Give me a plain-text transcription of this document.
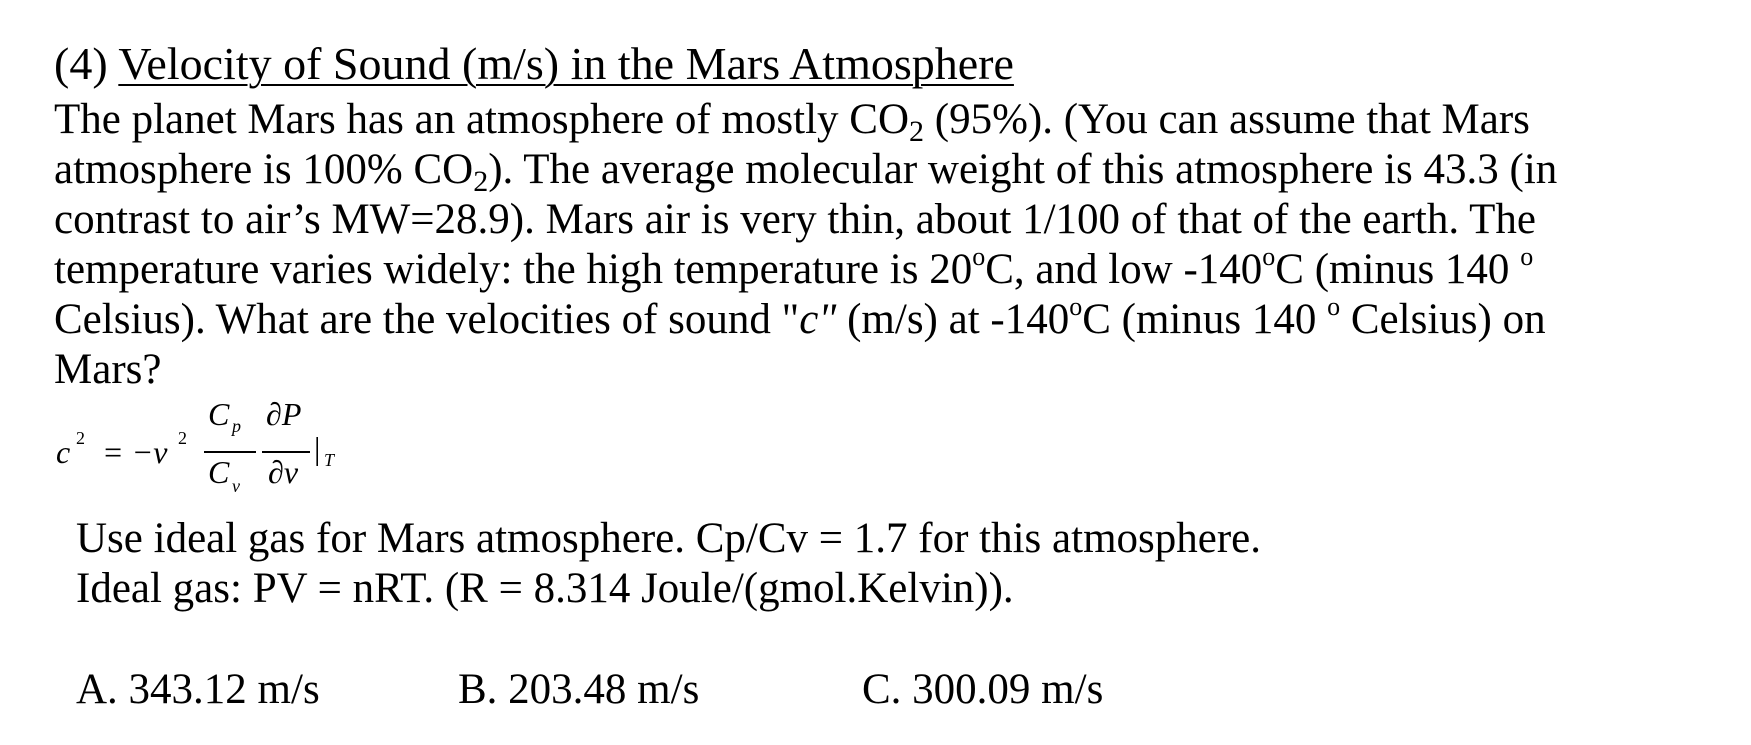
(4) Velocity of Sound (m/s) in the Mars Atmosphere
The planet Mars has an atmosphere of mostly $CO_2$ (95%). (You can assume that Mars
atmosphere is 100% $CO_2$). The average molecular weight of this atmosphere is 43.3 (in
contrast to air’s MW=28.9). Mars air is very thin, about 1/100 of that of the earth. The
temperature varies widely: the high temperature is 20$^o$C, and low -140$^o$C (minus 140 $^o$
Celsius). What are the velocities of sound "c" (m/s) at -140$^o$C (minus 140 $^o$ Celsius) on
Mars?
c 2 = −v 2
C p
C v
∂P
∂v
| T
Use ideal gas for Mars atmosphere. Cp/Cv = 1.7 for this atmosphere.
Ideal gas: PV = nRT. (R = 8.314 Joule/(gmol.Kelvin)).
A. 343.12 m/s	B. 203.48 m/s	C. 300.09 m/s
